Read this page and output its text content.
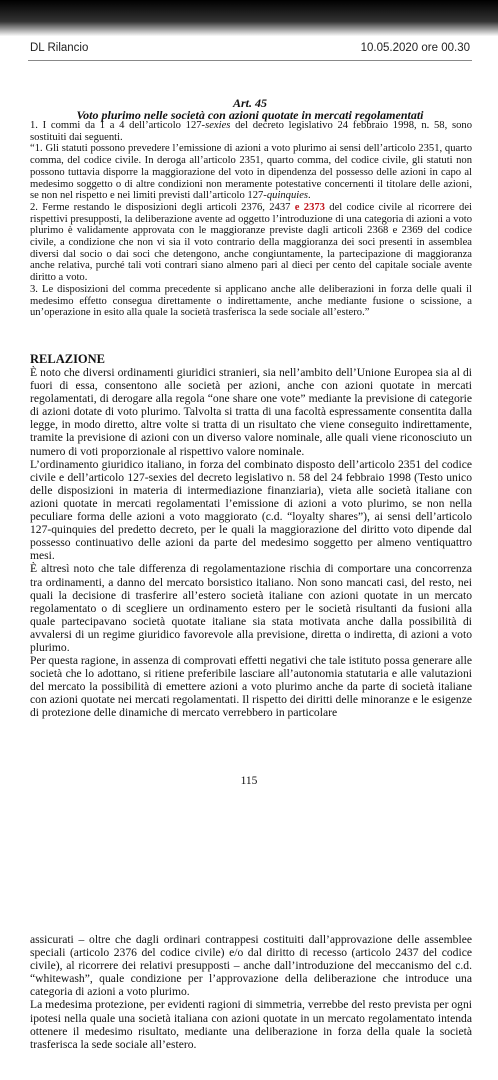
DL Rilancio	10.05.2020 ore 00.30
Art. 45
Voto plurimo nelle società con azioni quotate in mercati regolamentati

1. I commi da 1 a 4 dell’articolo 127-sexies del decreto legislativo 24 febbraio 1998, n. 58, sono sostituiti dai seguenti.

“1. Gli statuti possono prevedere l’emissione di azioni a voto plurimo ai sensi dell’articolo 2351, quarto comma, del codice civile. In deroga all’articolo 2351, quarto comma, del codice civile, gli statuti non possono tuttavia disporre la maggiorazione del voto in dipendenza del possesso delle azioni in capo al medesimo soggetto o di altre condizioni non meramente potestative concernenti il titolare delle azioni, se non nel rispetto e nei limiti previsti dall’articolo 127-quinquies.

2. Ferme restando le disposizioni degli articoli 2376, 2437 e 2373 del codice civile al ricorrere dei rispettivi presupposti, la deliberazione avente ad oggetto l’introduzione di una categoria di azioni a voto plurimo è validamente approvata con le maggioranze previste dagli articoli 2368 e 2369 del codice civile, a condizione che non vi sia il voto contrario della maggioranza dei soci presenti in assemblea diversi dal socio o dai soci che detengono, anche congiuntamente, la partecipazione di maggioranza anche relativa, purché tali voti contrari siano almeno pari al dieci per cento del capitale sociale avente diritto a voto.

3. Le disposizioni del comma precedente si applicano anche alle deliberazioni in forza delle quali il medesimo effetto consegua direttamente o indirettamente, anche mediante fusione o scissione, a un’operazione in esito alla quale la società trasferisca la sede sociale all’estero.”

RELAZIONE

È noto che diversi ordinamenti giuridici stranieri, sia nell’ambito dell’Unione Europea sia al di fuori di essa, consentono alle società per azioni, anche con azioni quotate in mercati regolamentati, di derogare alla regola “one share one vote” mediante la previsione di categorie di azioni dotate di voto plurimo. Talvolta si tratta di una facoltà espressamente consentita dalla legge, in modo diretto, altre volte si tratta di un risultato che viene conseguito indirettamente, tramite la previsione di azioni con un diverso valore nominale, alle quali viene riconosciuto un numero di voti proporzionale al rispettivo valore nominale.

L’ordinamento giuridico italiano, in forza del combinato disposto dell’articolo 2351 del codice civile e dell’articolo 127-sexies del decreto legislativo n. 58 del 24 febbraio 1998 (Testo unico delle disposizioni in materia di intermediazione finanziaria), vieta alle società italiane con azioni quotate in mercati regolamentati l’emissione di azioni a voto plurimo, se non nella peculiare forma delle azioni a voto maggiorato (c.d. “loyalty shares”), ai sensi dell’articolo 127-quinquies del predetto decreto, per le quali la maggiorazione del diritto voto dipende dal possesso continuativo delle azioni da parte del medesimo soggetto per almeno ventiquattro mesi.

È altresì noto che tale differenza di regolamentazione rischia di comportare una concorrenza tra ordinamenti, a danno del mercato borsistico italiano. Non sono mancati casi, del resto, nei quali la decisione di trasferire all’estero società italiane con azioni quotate in un mercato regolamentato o di scegliere un ordinamento estero per le società risultanti da fusioni alla quale partecipavano società quotate italiane sia stata motivata anche dalla possibilità di avvalersi di un regime giuridico favorevole alla previsione, diretta o indiretta, di azioni a voto plurimo.

Per questa ragione, in assenza di comprovati effetti negativi che tale istituto possa generare alle società che lo adottano, si ritiene preferibile lasciare all’autonomia statutaria e alle valutazioni del mercato la possibilità di emettere azioni a voto plurimo anche da parte di società italiane con azioni quotate nei mercati regolamentati. Il rispetto dei diritti delle minoranze e le esigenze di protezione delle dinamiche di mercato verrebbero in particolare

115

assicurati – oltre che dagli ordinari contrappesi costituiti dall’approvazione delle assemblee speciali (articolo 2376 del codice civile) e/o dal diritto di recesso (articolo 2437 del codice civile), al ricorrere dei relativi presupposti – anche dall’introduzione del meccanismo del c.d. “whitewash”, quale condizione per l’approvazione della deliberazione che introduce una categoria di azioni a voto plurimo.

La medesima protezione, per evidenti ragioni di simmetria, verrebbe del resto prevista per ogni ipotesi nella quale una società italiana con azioni quotate in un mercato regolamentato intenda ottenere il medesimo risultato, mediante una deliberazione in forza della quale la società trasferisca la sede sociale all’estero.
